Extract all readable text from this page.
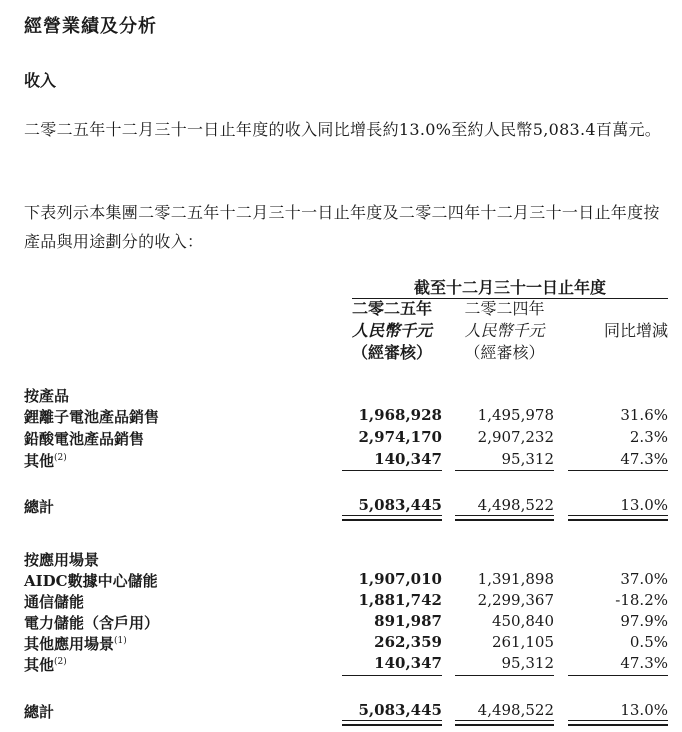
經營業績及分析
收入
二零二五年十二月三十一日止年度的收入同比增長約13.0%至約人民幣5,083.4百萬元。
下表列示本集團二零二五年十二月三十一日止年度及二零二四年十二月三十一日止年度按產品與用途劃分的收入：
截至十二月三十一日止年度
二零二五年
人民幣千元
（經審核）
二零二四年
人民幣千元
（經審核）
同比增減
按產品
鋰離子電池產品銷售	1,968,928	1,495,978	31.6%
鉛酸電池產品銷售	2,974,170	2,907,232	2.3%
其他$^{(2)}$	140,347	95,312	47.3%
總計	5,083,445	4,498,522	13.0%
按應用場景
AIDC數據中心儲能	1,907,010	1,391,898	37.0%
通信儲能	1,881,742	2,299,367	-18.2%
電力儲能（含戶用）	891,987	450,840	97.9%
其他應用場景$^{(1)}$	262,359	261,105	0.5%
其他$^{(2)}$	140,347	95,312	47.3%
總計	5,083,445	4,498,522	13.0%
